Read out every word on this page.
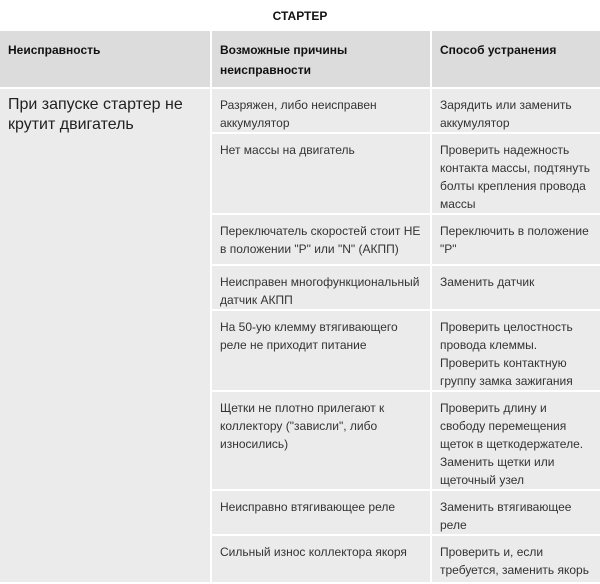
СТАРТЕР
Неисправность	Возможные причины неисправности	Способ устранения
При запуске стартер не крутит двигатель	Разряжен, либо неисправен аккумулятор	Зарядить или заменить аккумулятор
	Нет массы на двигатель	Проверить надежность контакта массы, подтянуть болты крепления провода массы
	Переключатель скоростей стоит НЕ в положении "P" или "N" (АКПП)	Переключить в положение "P"
	Неисправен многофункциональный датчик АКПП	Заменить датчик
	На 50-ую клемму втягивающего реле не приходит питание	Проверить целостность провода клеммы. Проверить контактную группу замка зажигания
	Щетки не плотно прилегают к коллектору ("зависли", либо износились)	Проверить длину и свободу перемещения щеток в щеткодержателе. Заменить щетки или щеточный узел
	Неисправно втягивающее реле	Заменить втягивающее реле
	Сильный износ коллектора якоря	Проверить и, если требуется, заменить якорь
